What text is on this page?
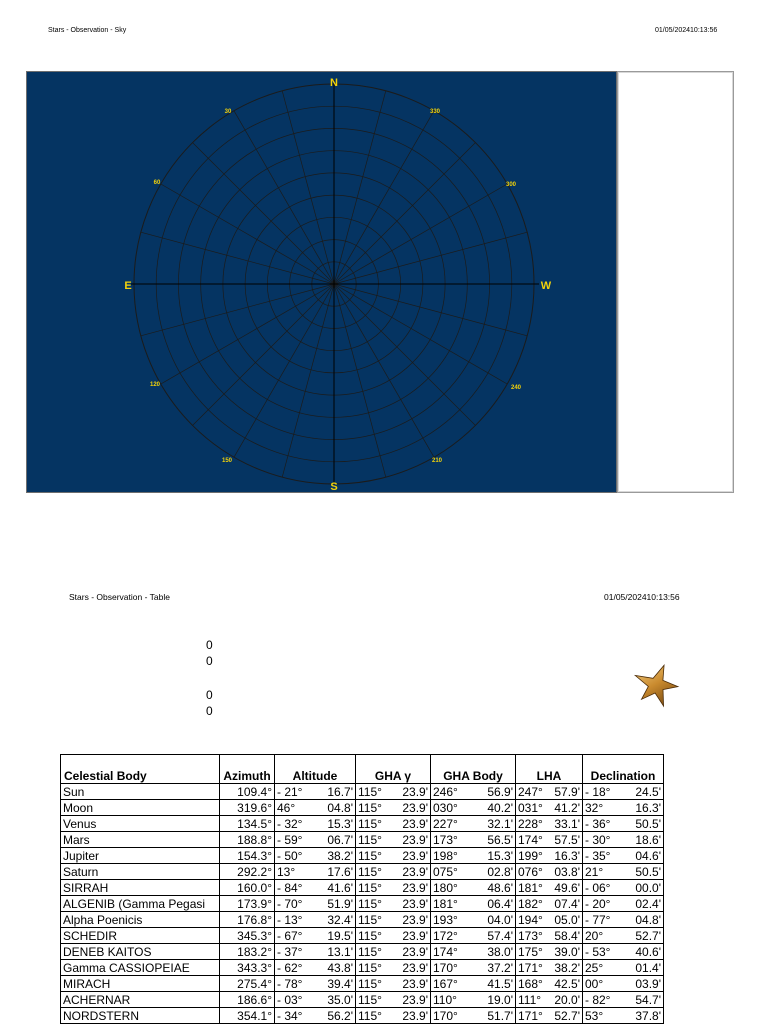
Stars - Observation - Sky	01/05/202410:13:56
N
S
E	W
30	330
60	300
120	240
150	210
Stars - Observation - Table	01/05/202410:13:56
0
0
0
0
Celestial Body	Azimuth	Altitude	GHA γ	GHA Body	LHA	Declination
Sun	109.4°	- 21° 16.7'	115° 23.9'	246° 56.9'	247° 57.9'	- 18° 24.5'

Moon	319.6°	46° 04.8'	115° 23.9'	030° 40.2'	031° 41.2'	32° 16.3'

Venus	134.5°	- 32° 15.3'	115° 23.9'	227° 32.1'	228° 33.1'	- 36° 50.5'

Mars	188.8°	- 59° 06.7'	115° 23.9'	173° 56.5'	174° 57.5'	- 30° 18.6'

Jupiter	154.3°	- 50° 38.2'	115° 23.9'	198° 15.3'	199° 16.3'	- 35° 04.6'

Saturn	292.2°	13° 17.6'	115° 23.9'	075° 02.8'	076° 03.8'	21° 50.5'

SIRRAH	160.0°	- 84° 41.6'	115° 23.9'	180° 48.6'	181° 49.6'	- 06° 00.0'

ALGENIB (Gamma Pegasi	173.9°	- 70° 51.9'	115° 23.9'	181° 06.4'	182° 07.4'	- 20° 02.4'

Alpha Poenicis	176.8°	- 13° 32.4'	115° 23.9'	193° 04.0'	194° 05.0'	- 77° 04.8'

SCHEDIR	345.3°	- 67° 19.5'	115° 23.9'	172° 57.4'	173° 58.4'	20° 52.7'

DENEB KAITOS	183.2°	- 37° 13.1'	115° 23.9'	174° 38.0'	175° 39.0'	- 53° 40.6'

Gamma CASSIOPEIAE	343.3°	- 62° 43.8'	115° 23.9'	170° 37.2'	171° 38.2'	25° 01.4'

MIRACH	275.4°	- 78° 39.4'	115° 23.9'	167° 41.5'	168° 42.5'	00° 03.9'

ACHERNAR	186.6°	- 03° 35.0'	115° 23.9'	110° 19.0'	111° 20.0'	- 82° 54.7'

NORDSTERN	354.1°	- 34° 56.2'	115° 23.9'	170° 51.7'	171° 52.7'	53° 37.8'
